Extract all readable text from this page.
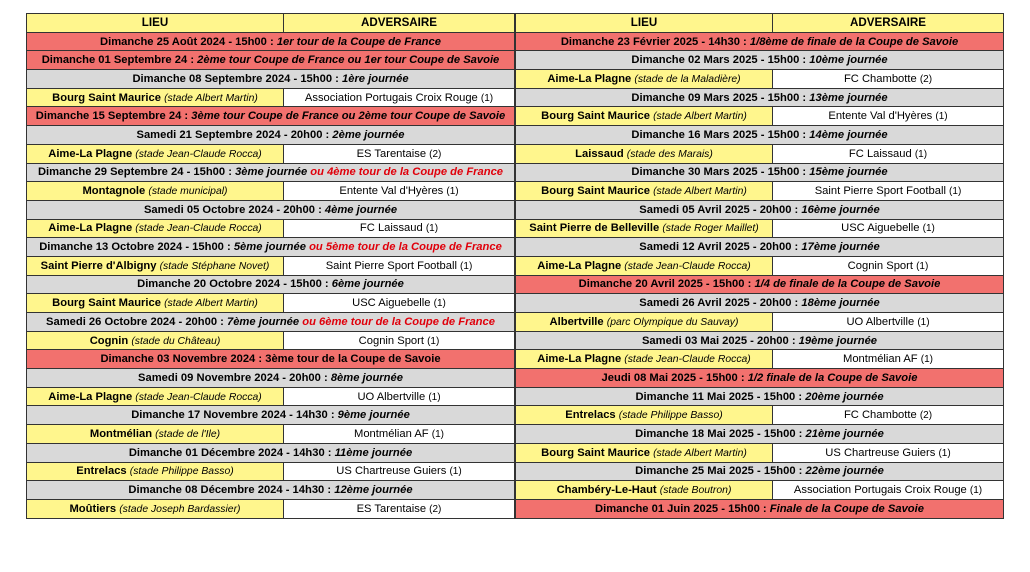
LIEU	ADVERSAIRE
Dimanche 25 Août 2024 - 15h00 : 1er tour de la Coupe de France	
Dimanche 01 Septembre 24 : 2ème tour Coupe de France ou 1er tour Coupe de Savoie	
Dimanche 08 Septembre 2024 - 15h00 : 1ère journée	
Bourg Saint Maurice (stade Albert Martin)	Association Portugais Croix Rouge (1)
Dimanche 15 Septembre 24 : 3ème tour Coupe de France ou 2ème tour Coupe de Savoie	
Samedi 21 Septembre 2024 - 20h00 : 2ème journée	
Aime-La Plagne (stade Jean-Claude Rocca)	ES Tarentaise (2)
Dimanche 29 Septembre 24 - 15h00 : 3ème journée ou 4ème tour de la Coupe de France	
Montagnole (stade municipal)	Entente Val d'Hyères (1)
Samedi 05 Octobre 2024 - 20h00 : 4ème journée	
Aime-La Plagne (stade Jean-Claude Rocca)	FC Laissaud (1)
Dimanche 13 Octobre 2024 - 15h00 : 5ème journée ou 5ème tour de la Coupe de France	
Saint Pierre d'Albigny (stade Stéphane Novet)	Saint Pierre Sport Football (1)
Dimanche 20 Octobre 2024 - 15h00 : 6ème journée	
Bourg Saint Maurice (stade Albert Martin)	USC Aiguebelle (1)
Samedi 26 Octobre 2024 - 20h00 : 7ème journée ou 6ème tour de la Coupe de France	
Cognin (stade du Château)	Cognin Sport (1)
Dimanche 03 Novembre 2024 : 3ème tour de la Coupe de Savoie	
Samedi 09 Novembre 2024 - 20h00 : 8ème journée	
Aime-La Plagne (stade Jean-Claude Rocca)	UO Albertville (1)
Dimanche 17 Novembre 2024 - 14h30 : 9ème journée	
Montmélian (stade de l'Ile)	Montmélian AF (1)
Dimanche 01 Décembre 2024 - 14h30 : 11ème journée	
Entrelacs (stade Philippe Basso)	US Chartreuse Guiers (1)
Dimanche 08 Décembre 2024 - 14h30 : 12ème journée	
Moûtiers (stade Joseph Bardassier)	ES Tarentaise (2)
LIEU	ADVERSAIRE
Dimanche 23 Février 2025 - 14h30 : 1/8ème de finale de la Coupe de Savoie	
Dimanche 02 Mars 2025 - 15h00 : 10ème journée	
Aime-La Plagne (stade de la Maladière)	FC Chambotte (2)
Dimanche 09 Mars 2025 - 15h00 : 13ème journée	
Bourg Saint Maurice (stade Albert Martin)	Entente Val d'Hyères (1)
Dimanche 16 Mars 2025 - 15h00 : 14ème journée	
Laissaud (stade des Marais)	FC Laissaud (1)
Dimanche 30 Mars 2025 - 15h00 : 15ème journée	
Bourg Saint Maurice (stade Albert Martin)	Saint Pierre Sport Football (1)
Samedi 05 Avril 2025 - 20h00 : 16ème journée	
Saint Pierre de Belleville (stade Roger Maillet)	USC Aiguebelle (1)
Samedi 12 Avril 2025 - 20h00 : 17ème journée	
Aime-La Plagne (stade Jean-Claude Rocca)	Cognin Sport (1)
Dimanche 20 Avril 2025 - 15h00 : 1/4 de finale de la Coupe de Savoie	
Samedi 26 Avril 2025 - 20h00 : 18ème journée	
Albertville (parc Olympique du Sauvay)	UO Albertville (1)
Samedi 03 Mai 2025 - 20h00 : 19ème journée	
Aime-La Plagne (stade Jean-Claude Rocca)	Montmélian AF (1)
Jeudi 08 Mai 2025 - 15h00 : 1/2 finale de la Coupe de Savoie	
Dimanche 11 Mai 2025 - 15h00 : 20ème journée	
Entrelacs (stade Philippe Basso)	FC Chambotte (2)
Dimanche 18 Mai 2025 - 15h00 : 21ème journée	
Bourg Saint Maurice (stade Albert Martin)	US Chartreuse Guiers (1)
Dimanche 25 Mai 2025 - 15h00 : 22ème journée	
Chambéry-Le-Haut (stade Boutron)	Association Portugais Croix Rouge (1)
Dimanche 01 Juin 2025 - 15h00 : Finale de la Coupe de Savoie	
